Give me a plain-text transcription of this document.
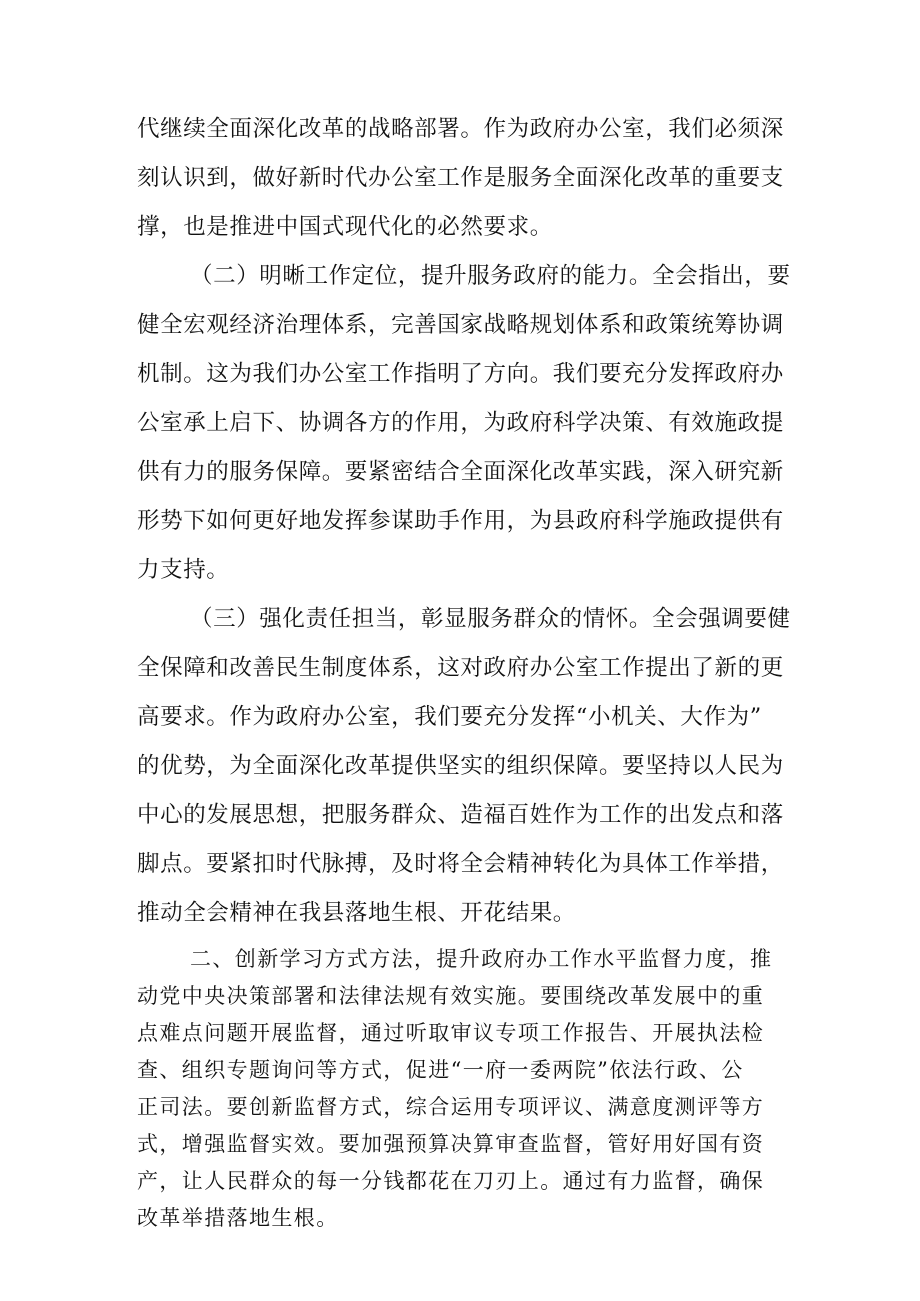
代继续全面深化改革的战略部署。作为政府办公室，我们必须深
刻认识到，做好新时代办公室工作是服务全面深化改革的重要支
撑，也是推进中国式现代化的必然要求。
（二）明晰工作定位，提升服务政府的能力。全会指出，要
健全宏观经济治理体系，完善国家战略规划体系和政策统筹协调
机制。这为我们办公室工作指明了方向。我们要充分发挥政府办
公室承上启下、协调各方的作用，为政府科学决策、有效施政提
供有力的服务保障。要紧密结合全面深化改革实践，深入研究新
形势下如何更好地发挥参谋助手作用，为县政府科学施政提供有
力支持。
（三）强化责任担当，彰显服务群众的情怀。全会强调要健
全保障和改善民生制度体系，这对政府办公室工作提出了新的更
高要求。作为政府办公室，我们要充分发挥“小机关、大作为”
的优势，为全面深化改革提供坚实的组织保障。要坚持以人民为
中心的发展思想，把服务群众、造福百姓作为工作的出发点和落
脚点。要紧扣时代脉搏，及时将全会精神转化为具体工作举措，
推动全会精神在我县落地生根、开花结果。
二、创新学习方式方法，提升政府办工作水平监督力度，推
动党中央决策部署和法律法规有效实施。要围绕改革发展中的重
点难点问题开展监督，通过听取审议专项工作报告、开展执法检
查、组织专题询问等方式，促进“一府一委两院”依法行政、公
正司法。要创新监督方式，综合运用专项评议、满意度测评等方
式，增强监督实效。要加强预算决算审查监督，管好用好国有资
产，让人民群众的每一分钱都花在刀刃上。通过有力监督，确保
改革举措落地生根。
